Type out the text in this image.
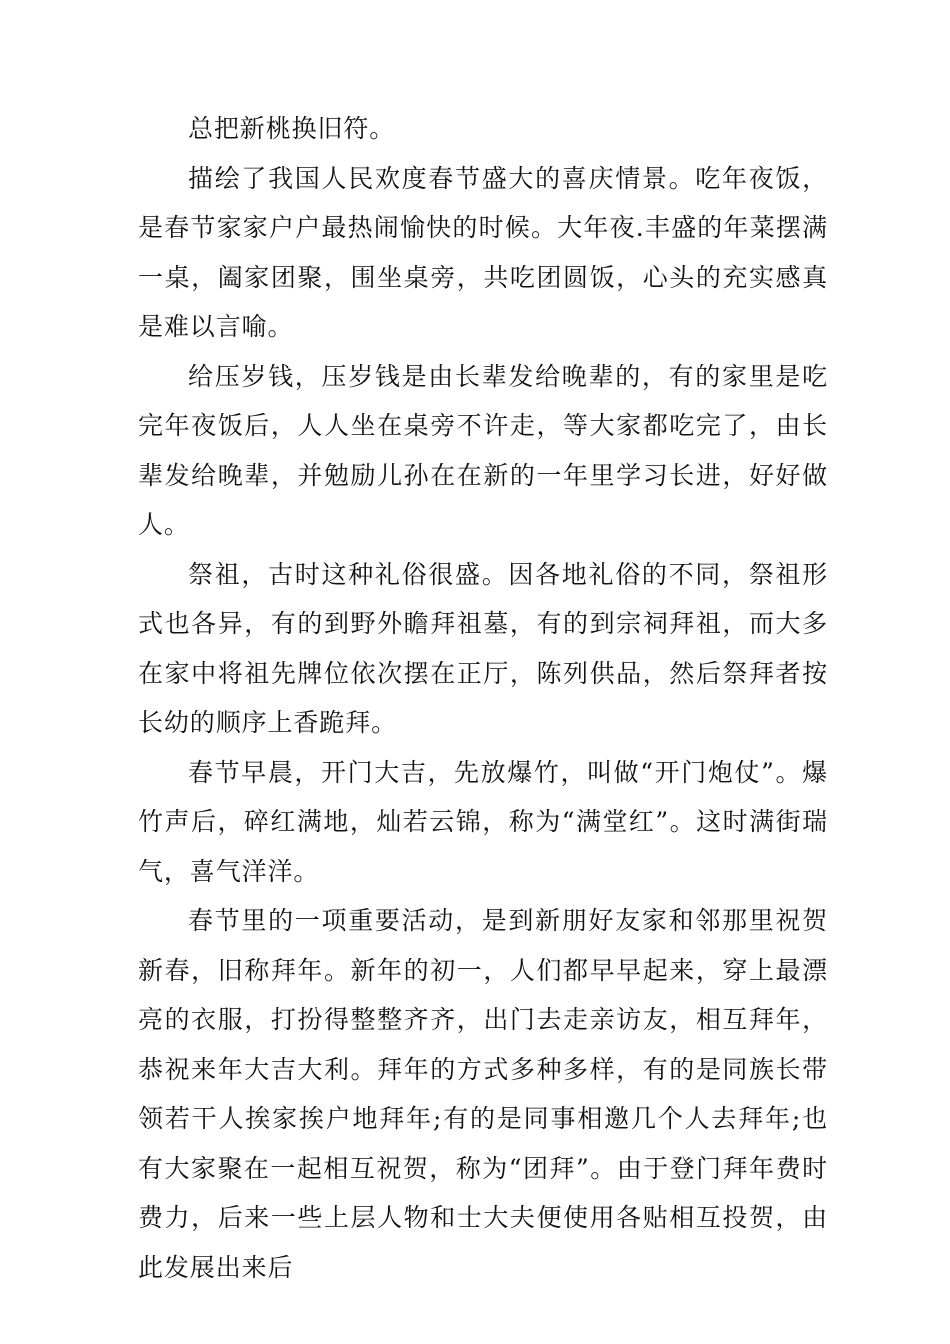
总把新桃换旧符。

描绘了我国人民欢度春节盛大的喜庆情景。吃年夜饭，是春节家家户户最热闹愉快的时候。大年夜.丰盛的年菜摆满一桌，阖家团聚，围坐桌旁，共吃团圆饭，心头的充实感真是难以言喻。

给压岁钱，压岁钱是由长辈发给晚辈的，有的家里是吃完年夜饭后，人人坐在桌旁不许走，等大家都吃完了，由长辈发给晚辈，并勉励儿孙在在新的一年里学习长进，好好做人。

祭祖，古时这种礼俗很盛。因各地礼俗的不同，祭祖形式也各异，有的到野外瞻拜祖墓，有的到宗祠拜祖，而大多在家中将祖先牌位依次摆在正厅，陈列供品，然后祭拜者按长幼的顺序上香跪拜。

春节早晨，开门大吉，先放爆竹，叫做“开门炮仗”。爆竹声后，碎红满地，灿若云锦，称为“满堂红”。这时满街瑞气，喜气洋洋。

春节里的一项重要活动，是到新朋好友家和邻那里祝贺新春，旧称拜年。新年的初一，人们都早早起来，穿上最漂亮的衣服，打扮得整整齐齐，出门去走亲访友，相互拜年，恭祝来年大吉大利。拜年的方式多种多样，有的是同族长带领若干人挨家挨户地拜年;有的是同事相邀几个人去拜年;也有大家聚在一起相互祝贺，称为“团拜”。由于登门拜年费时费力，后来一些上层人物和士大夫便使用各贴相互投贺，由此发展出来后
